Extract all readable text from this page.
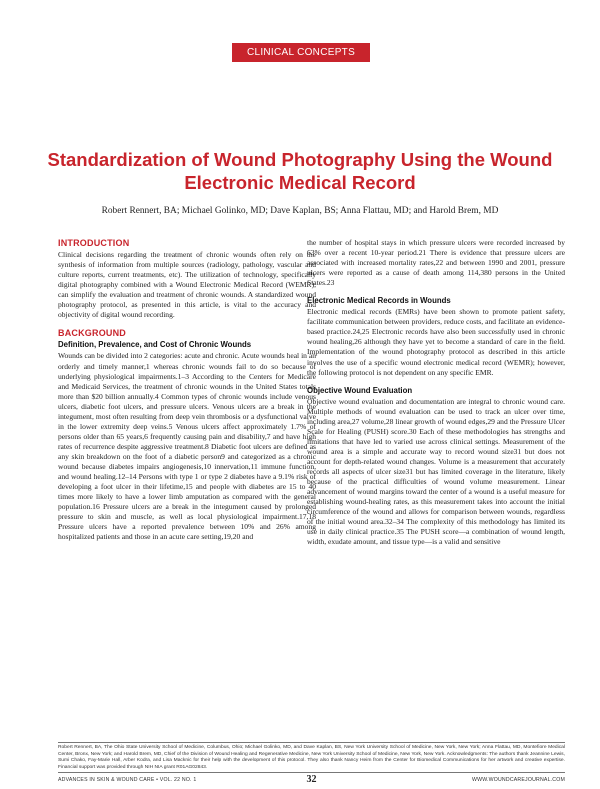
CLINICAL CONCEPTS
Standardization of Wound Photography Using the Wound Electronic Medical Record
Robert Rennert, BA; Michael Golinko, MD; Dave Kaplan, BS; Anna Flattau, MD; and Harold Brem, MD
INTRODUCTION

Clinical decisions regarding the treatment of chronic wounds often rely on the synthesis of information from multiple sources (radiology, pathology, vascular and culture reports, current treatments, etc). The utilization of technology, specifically digital photography combined with a Wound Electronic Medical Record (WEMR), can simplify the evaluation and treatment of chronic wounds. A standardized wound photography protocol, as presented in this article, is vital to the accuracy and objectivity of digital wound recording.

BACKGROUND
Definition, Prevalence, and Cost of Chronic Wounds

Wounds can be divided into 2 categories: acute and chronic. Acute wounds heal in an orderly and timely manner,1 whereas chronic wounds fail to do so because of underlying physiological impairments.1–3 According to the Centers for Medicare and Medicaid Services, the treatment of chronic wounds in the United States totals more than $20 billion annually.4 Common types of chronic wounds include venous ulcers, diabetic foot ulcers, and pressure ulcers. Venous ulcers are a break in the integument, most often resulting from deep vein thrombosis or a dysfunctional valve in the lower extremity deep veins.5 Venous ulcers affect approximately 1.7% of persons older than 65 years,6 frequently causing pain and disability,7 and have high rates of recurrence despite aggressive treatment.8 Diabetic foot ulcers are defined as any skin breakdown on the foot of a diabetic person9 and categorized as a chronic wound because diabetes impairs angiogenesis,10 innervation,11 immune function, and wound healing.12–14 Persons with type 1 or type 2 diabetes have a 9.1% risk of developing a foot ulcer in their lifetime,15 and people with diabetes are 15 to 40 times more likely to have a lower limb amputation as compared with the general population.16 Pressure ulcers are a break in the integument caused by prolonged pressure to skin and muscle, as well as local physiological impairment.17,18 Pressure ulcers have a reported prevalence between 10% and 26% among hospitalized patients and those in an acute care setting,19,20 and

the number of hospital stays in which pressure ulcers were recorded increased by 63% over a recent 10-year period.21 There is evidence that pressure ulcers are associated with increased mortality rates,22 and between 1990 and 2001, pressure ulcers were reported as a cause of death among 114,380 persons in the United States.23

Electronic Medical Records in Wounds

Electronic medical records (EMRs) have been shown to promote patient safety, facilitate communication between providers, reduce costs, and facilitate an evidence-based practice.24,25 Electronic records have also been successfully used in chronic wound healing,26 although they have yet to become a standard of care in the field. Implementation of the wound photography protocol as described in this article involves the use of a specific wound electronic medical record (WEMR); however, the following protocol is not dependent on any specific EMR.

Objective Wound Evaluation

Objective wound evaluation and documentation are integral to chronic wound care. Multiple methods of wound evaluation can be used to track an ulcer over time, including area,27 volume,28 linear growth of wound edges,29 and the Pressure Ulcer Scale for Healing (PUSH) score.30 Each of these methodologies has strengths and limitations that have led to varied use across clinical settings. Measurement of the wound area is a simple and accurate way to record wound size31 but does not account for depth-related wound changes. Volume is a measurement that accurately records all aspects of ulcer size31 but has limited coverage in the literature, likely because of the practical difficulties of wound volume measurement. Linear advancement of wound margins toward the center of a wound is a useful measure for establishing wound-healing rates, as this measurement takes into account the initial circumference of the wound and allows for comparison between wounds, regardless of the initial wound area.32–34 The complexity of this methodology has limited its use in daily clinical practice.35 The PUSH score—a combination of wound length, width, exudate amount, and tissue type—is a valid and sensitive

Robert Rennert, BA, The Ohio State University School of Medicine, Columbus, Ohio; Michael Golinko, MD, and Dave Kaplan, BS, New York University School of Medicine, New York, New York; Anna Flattau, MD, Montefiore Medical Center, Bronx, New York; and Harold Brem, MD, Chief of the Division of Wound Healing and Regenerative Medicine, New York University School of Medicine, New York, New York. Acknowledgments: The authors thank Jeannine Lewis, Sumi Chako, Fay-Marie Hall, Arber Kodra, and Lisa Macknic for their help with the development of this protocol. They also thank Nancy Heim from the Center for Biomedical Communications for her artwork and creative expertise. Financial support was provided through NIH NIA grant R01AG02843.

ADVANCES IN SKIN & WOUND CARE • VOL. 22 NO. 1	32	WWW.WOUNDCAREJOURNAL.COM
